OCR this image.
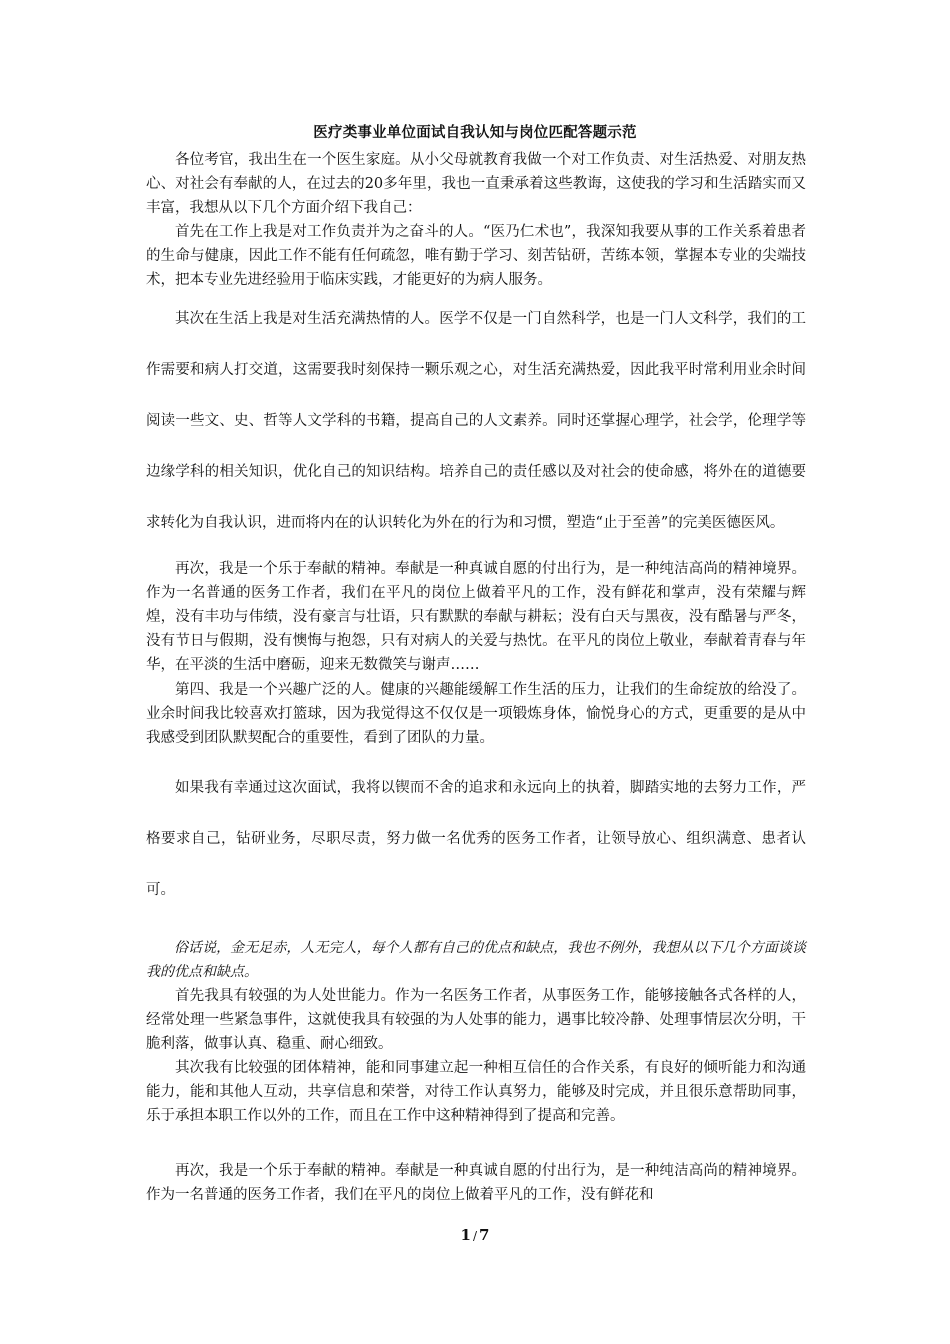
医疗类事业单位面试自我认知与岗位匹配答题示范

各位考官，我出生在一个医生家庭。从小父母就教育我做一个对工作负责、对生活热爱、对朋友热心、对社会有奉献的人，在过去的20多年里，我也一直秉承着这些教诲，这使我的学习和生活踏实而又丰富，我想从以下几个方面介绍下我自己：

首先在工作上我是对工作负责并为之奋斗的人。“医乃仁术也”，我深知我要从事的工作关系着患者的生命与健康，因此工作不能有任何疏忽，唯有勤于学习、刻苦钻研，苦练本领，掌握本专业的尖端技术，把本专业先进经验用于临床实践，才能更好的为病人服务。

其次在生活上我是对生活充满热情的人。医学不仅是一门自然科学，也是一门人文科学，我们的工作需要和病人打交道，这需要我时刻保持一颗乐观之心，对生活充满热爱，因此我平时常利用业余时间阅读一些文、史、哲等人文学科的书籍，提高自己的人文素养。同时还掌握心理学，社会学，伦理学等边缘学科的相关知识，优化自己的知识结构。培养自己的责任感以及对社会的使命感，将外在的道德要求转化为自我认识，进而将内在的认识转化为外在的行为和习惯，塑造“止于至善”的完美医德医风。

再次，我是一个乐于奉献的精神。奉献是一种真诚自愿的付出行为，是一种纯洁高尚的精神境界。作为一名普通的医务工作者，我们在平凡的岗位上做着平凡的工作，没有鲜花和掌声，没有荣耀与辉煌，没有丰功与伟绩，没有豪言与壮语，只有默默的奉献与耕耘；没有白天与黑夜，没有酷暑与严冬，没有节日与假期，没有懊悔与抱怨，只有对病人的关爱与热忱。在平凡的岗位上敬业，奉献着青春与年华，在平淡的生活中磨砺，迎来无数微笑与谢声……

第四、我是一个兴趣广泛的人。健康的兴趣能缓解工作生活的压力，让我们的生命绽放的给没了。业余时间我比较喜欢打篮球，因为我觉得这不仅仅是一项锻炼身体，愉悦身心的方式，更重要的是从中我感受到团队默契配合的重要性，看到了团队的力量。

如果我有幸通过这次面试，我将以锲而不舍的追求和永远向上的执着，脚踏实地的去努力工作，严格要求自己，钻研业务，尽职尽责，努力做一名优秀的医务工作者，让领导放心、组织满意、患者认可。

俗话说，金无足赤，人无完人，每个人都有自己的优点和缺点，我也不例外，我想从以下几个方面谈谈我的优点和缺点。

首先我具有较强的为人处世能力。作为一名医务工作者，从事医务工作，能够接触各式各样的人，经常处理一些紧急事件，这就使我具有较强的为人处事的能力，遇事比较冷静、处理事情层次分明，干脆利落，做事认真、稳重、耐心细致。

其次我有比较强的团体精神，能和同事建立起一种相互信任的合作关系，有良好的倾听能力和沟通能力，能和其他人互动，共享信息和荣誉，对待工作认真努力，能够及时完成，并且很乐意帮助同事，乐于承担本职工作以外的工作，而且在工作中这种精神得到了提高和完善。

再次，我是一个乐于奉献的精神。奉献是一种真诚自愿的付出行为，是一种纯洁高尚的精神境界。作为一名普通的医务工作者，我们在平凡的岗位上做着平凡的工作，没有鲜花和

1 / 7
